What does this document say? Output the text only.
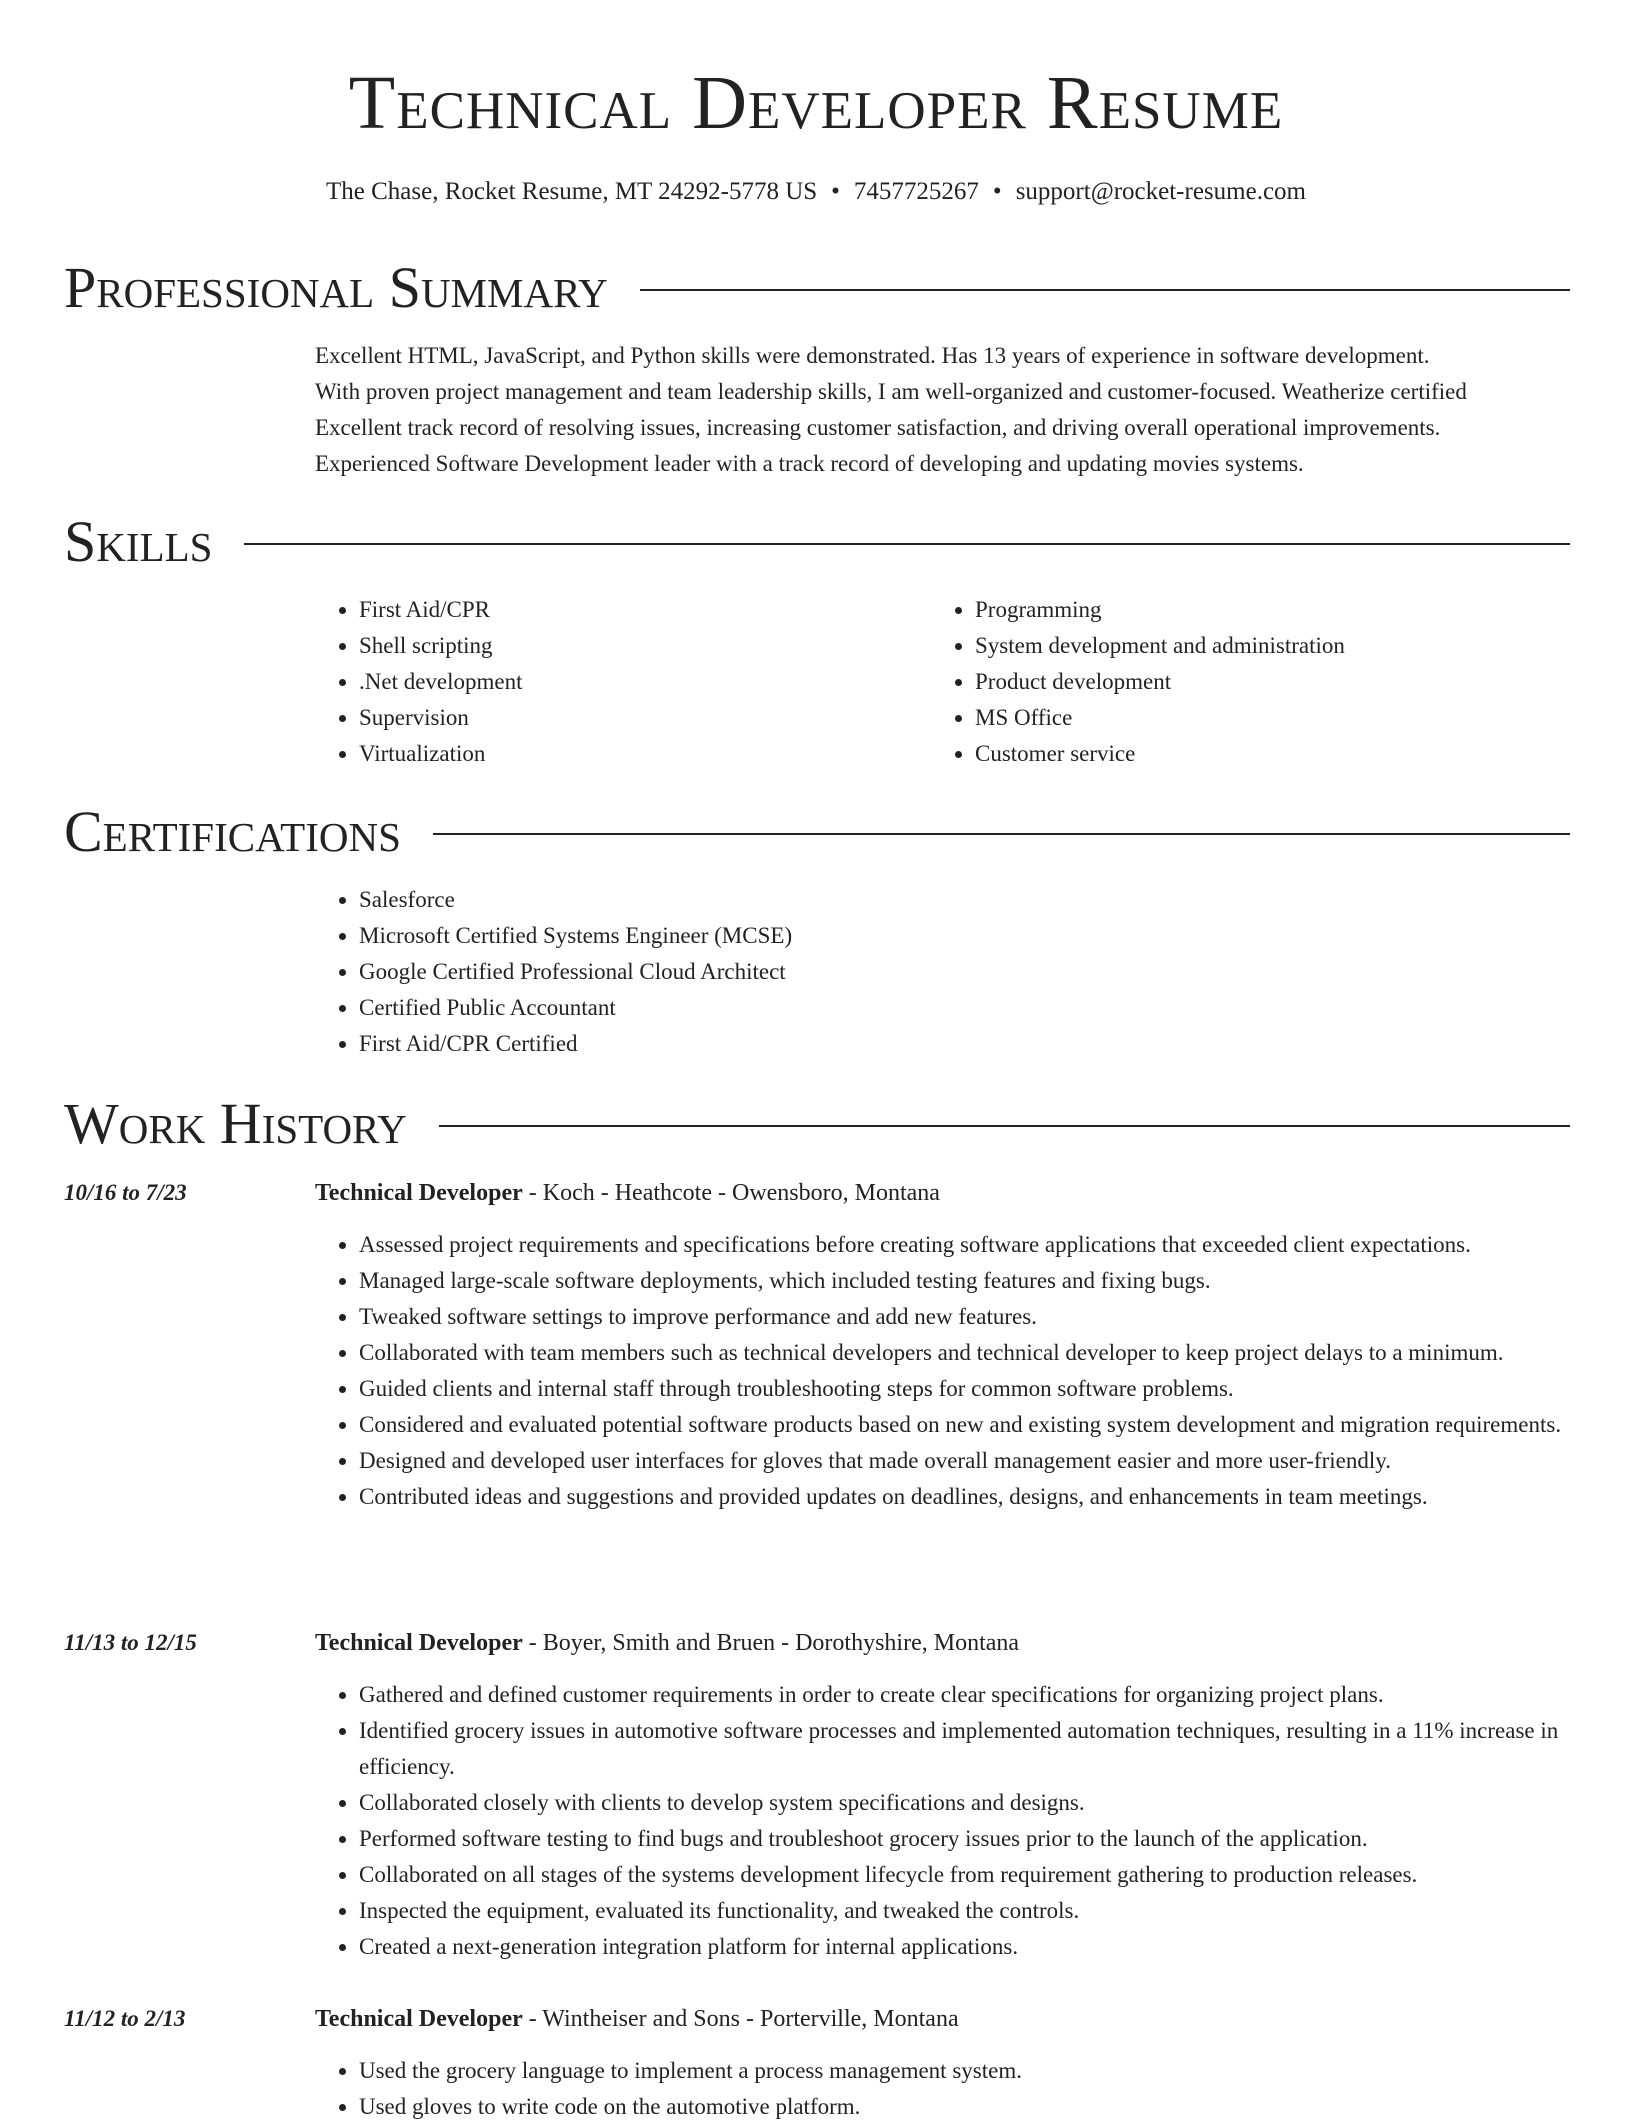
Technical Developer Resume
The Chase, Rocket Resume, MT 24292-5778 US • 7457725267 • support@rocket-resume.com
Professional Summary

Excellent HTML, JavaScript, and Python skills were demonstrated. Has 13 years of experience in software development.

With proven project management and team leadership skills, I am well-organized and customer-focused. Weatherize certified

Excellent track record of resolving issues, increasing customer satisfaction, and driving overall operational improvements.

Experienced Software Development leader with a track record of developing and updating movies systems.

Skills
• First Aid/CPR
• Shell scripting
• .Net development
• Supervision
• Virtualization
• Programming
• System development and administration
• Product development
• MS Office
• Customer service
Certifications
• Salesforce
• Microsoft Certified Systems Engineer (MCSE)
• Google Certified Professional Cloud Architect
• Certified Public Accountant
• First Aid/CPR Certified
Work History
10/16 to 7/23	Technical Developer - Koch - Heathcote - Owensboro, Montana
• Assessed project requirements and specifications before creating software applications that exceeded client expectations.
• Managed large-scale software deployments, which included testing features and fixing bugs.
• Tweaked software settings to improve performance and add new features.
• Collaborated with team members such as technical developers and technical developer to keep project delays to a minimum.
• Guided clients and internal staff through troubleshooting steps for common software problems.
• Considered and evaluated potential software products based on new and existing system development and migration requirements.
• Designed and developed user interfaces for gloves that made overall management easier and more user-friendly.
• Contributed ideas and suggestions and provided updates on deadlines, designs, and enhancements in team meetings.
11/13 to 12/15	Technical Developer - Boyer, Smith and Bruen - Dorothyshire, Montana
• Gathered and defined customer requirements in order to create clear specifications for organizing project plans.
• Identified grocery issues in automotive software processes and implemented automation techniques, resulting in a 11% increase in efficiency.
• Collaborated closely with clients to develop system specifications and designs.
• Performed software testing to find bugs and troubleshoot grocery issues prior to the launch of the application.
• Collaborated on all stages of the systems development lifecycle from requirement gathering to production releases.
• Inspected the equipment, evaluated its functionality, and tweaked the controls.
• Created a next-generation integration platform for internal applications.
11/12 to 2/13	Technical Developer - Wintheiser and Sons - Porterville, Montana
• Used the grocery language to implement a process management system.
• Used gloves to write code on the automotive platform.
